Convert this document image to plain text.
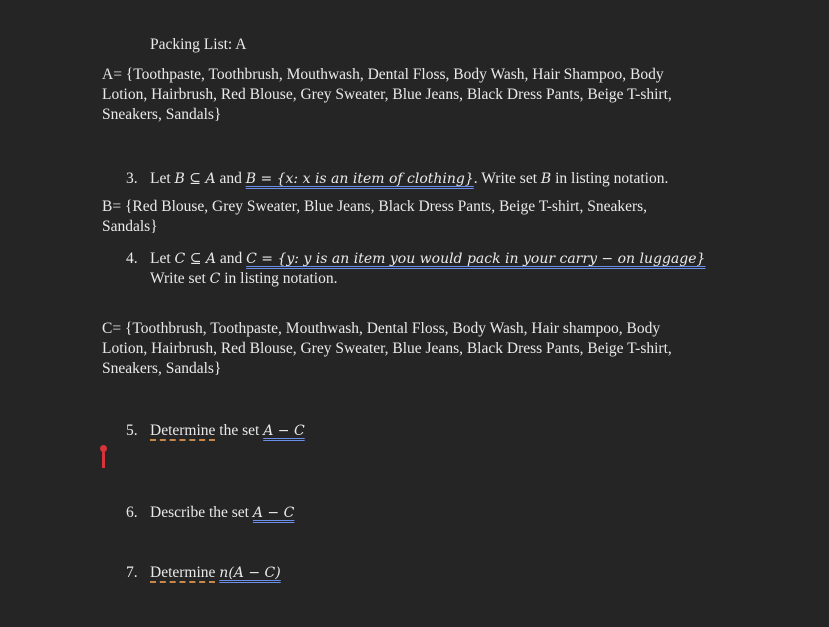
Packing List: A
A= {Toothpaste, Toothbrush, Mouthwash, Dental Floss, Body Wash, Hair Shampoo, Body
Lotion, Hairbrush, Red Blouse, Grey Sweater, Blue Jeans, Black Dress Pants, Beige T-shirt,
Sneakers, Sandals}
3. Let B ⊆ A and B = {x: x is an item of clothing}. Write set B in listing notation.
B= {Red Blouse, Grey Sweater, Blue Jeans, Black Dress Pants, Beige T-shirt, Sneakers,
Sandals}
4. Let C ⊆ A and C = {y: y is an item you would pack in your carry − on luggage}
Write set C in listing notation.
C= {Toothbrush, Toothpaste, Mouthwash, Dental Floss, Body Wash, Hair shampoo, Body
Lotion, Hairbrush, Red Blouse, Grey Sweater, Blue Jeans, Black Dress Pants, Beige T-shirt,
Sneakers, Sandals}
5. Determine the set A − C
6. Describe the set A − C
7. Determine n(A − C)
